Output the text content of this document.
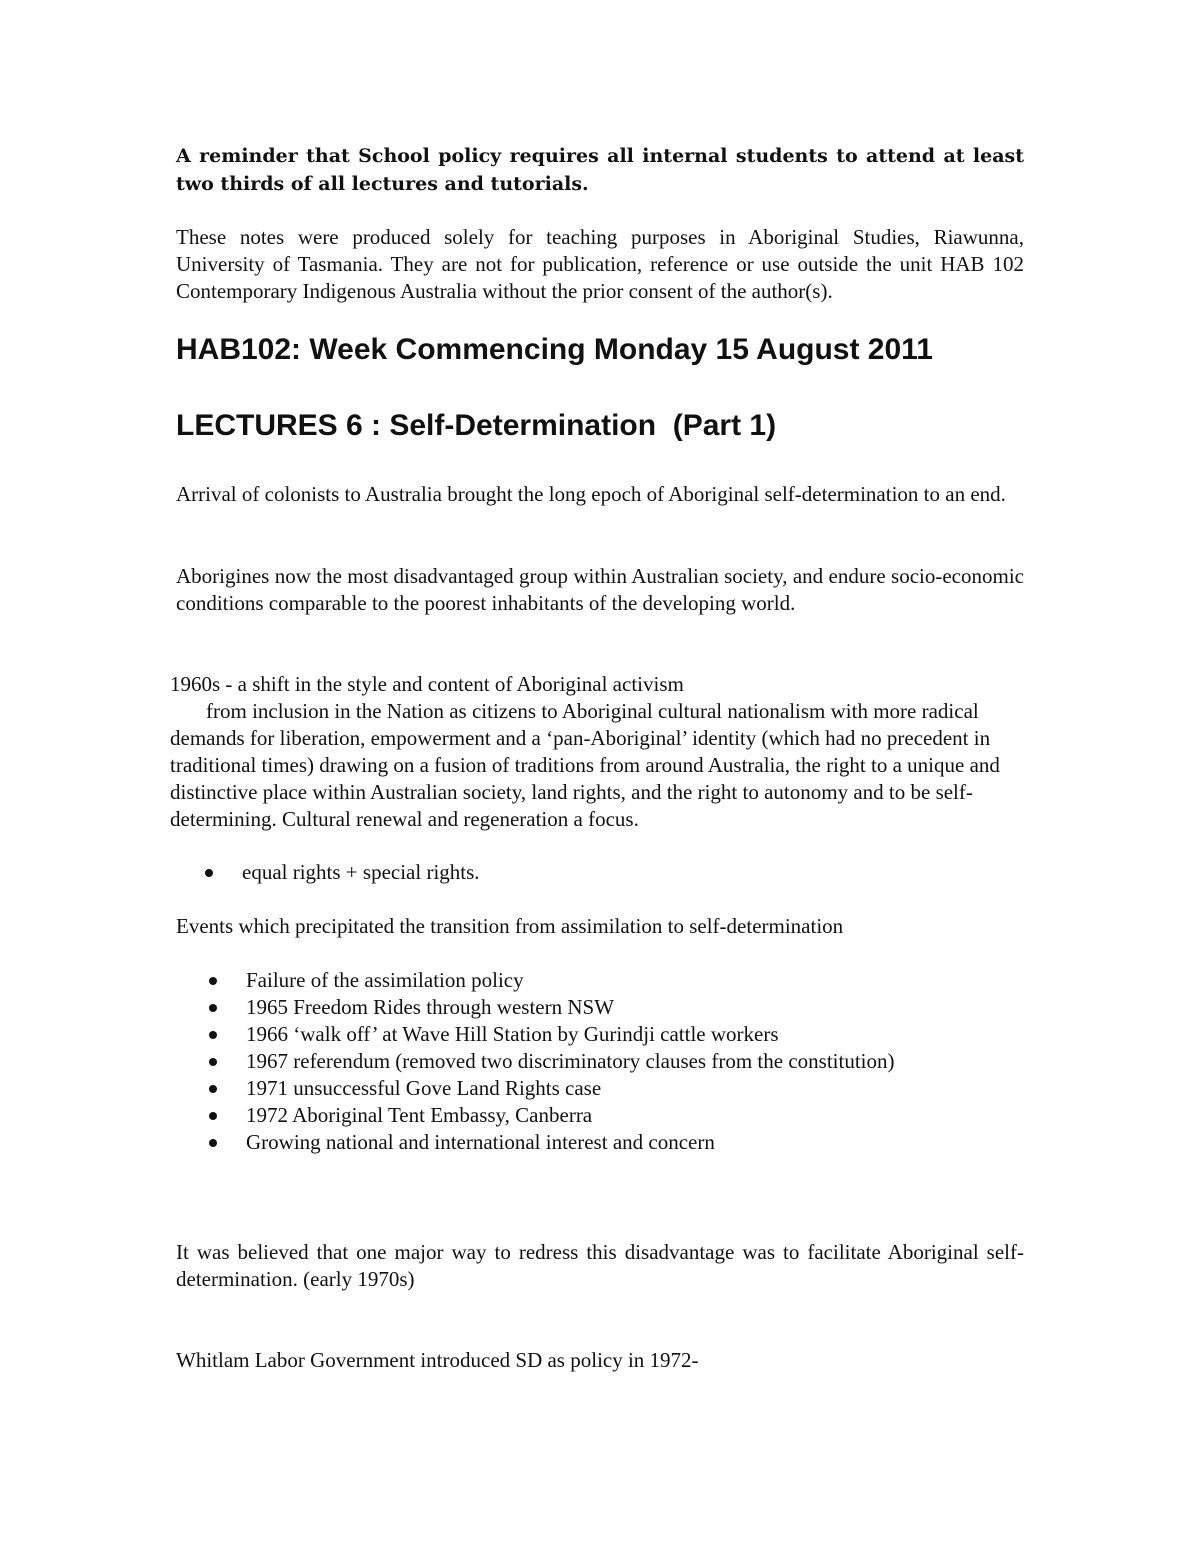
A reminder that School policy requires all internal students to attend at least two thirds of all lectures and tutorials.
These notes were produced solely for teaching purposes in Aboriginal Studies, Riawunna, University of Tasmania. They are not for publication, reference or use outside the unit HAB 102 Contemporary Indigenous Australia without the prior consent of the author(s).
HAB102: Week Commencing Monday 15 August 2011
LECTURES 6 : Self-Determination  (Part 1)
Arrival of colonists to Australia brought the long epoch of Aboriginal self-determination to an end.
Aborigines now the most disadvantaged group within Australian society, and endure socio-economic conditions comparable to the poorest inhabitants of the developing world.
1960s - a shift in the style and content of Aboriginal activism
from inclusion in the Nation as citizens to Aboriginal cultural nationalism with more radical demands for liberation, empowerment and a ‘pan-Aboriginal’ identity (which had no precedent in traditional times) drawing on a fusion of traditions from around Australia, the right to a unique and distinctive place within Australian society, land rights, and the right to autonomy and to be self-determining. Cultural renewal and regeneration a focus.
equal rights + special rights.
Events which precipitated the transition from assimilation to self-determination
Failure of the assimilation policy
1965 Freedom Rides through western NSW
1966 ‘walk off’ at Wave Hill Station by Gurindji cattle workers
1967 referendum (removed two discriminatory clauses from the constitution)
1971 unsuccessful Gove Land Rights case
1972 Aboriginal Tent Embassy, Canberra
Growing national and international interest and concern
It was believed that one major way to redress this disadvantage was to facilitate Aboriginal self-determination. (early 1970s)
Whitlam Labor Government introduced SD as policy in 1972-
